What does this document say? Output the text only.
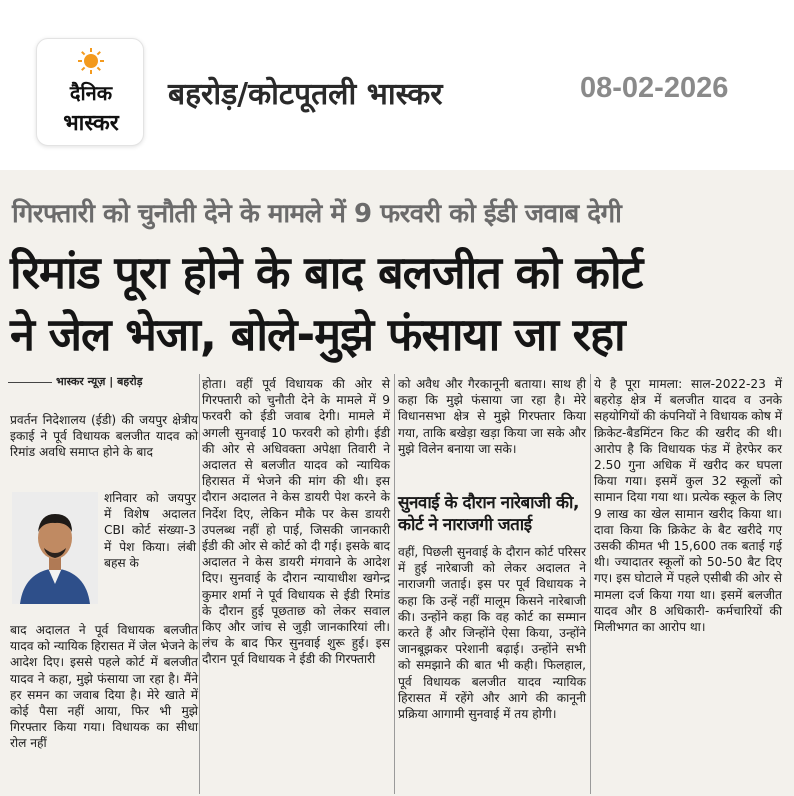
दैनिक
भास्कर
बहरोड़/कोटपूतली भास्कर	08-02-2026
गिरफ्तारी को चुनौती देने के मामले में 9 फरवरी को ईडी जवाब देगी
रिमांड पूरा होने के बाद बलजीत को कोर्ट
ने जेल भेजा, बोले-मुझे फंसाया जा रहा
भास्कर न्यूज़ | बहरोड़

प्रवर्तन निदेशालय (ईडी) की जयपुर क्षेत्रीय इकाई ने पूर्व विधायक बलजीत यादव को रिमांड अवधि समाप्त होने के बाद

शनिवार को जयपुर में विशेष अदालत CBI कोर्ट संख्या-3 में पेश किया। लंबी बहस के

बाद अदालत ने पूर्व विधायक बलजीत यादव को न्यायिक हिरासत में जेल भेजने के आदेश दिए। इससे पहले कोर्ट में बलजीत यादव ने कहा, मुझे फंसाया जा रहा है। मैंने हर समन का जवाब दिया है। मेरे खाते में कोई पैसा नहीं आया, फिर भी मुझे गिरफ्तार किया गया। विधायक का सीधा रोल नहीं

होता। वहीं पूर्व विधायक की ओर से गिरफ्तारी को चुनौती देने के मामले में 9 फरवरी को ईडी जवाब देगी। मामले में अगली सुनवाई 10 फरवरी को होगी। ईडी की ओर से अधिवक्ता अपेक्षा तिवारी ने अदालत से बलजीत यादव को न्यायिक हिरासत में भेजने की मांग की थी। इस दौरान अदालत ने केस डायरी पेश करने के निर्देश दिए, लेकिन मौके पर केस डायरी उपलब्ध नहीं हो पाई, जिसकी जानकारी ईडी की ओर से कोर्ट को दी गई। इसके बाद अदालत ने केस डायरी मंगवाने के आदेश दिए। सुनवाई के दौरान न्यायाधीश खगेन्द्र कुमार शर्मा ने पूर्व विधायक से ईडी रिमांड के दौरान हुई पूछताछ को लेकर सवाल किए और जांच से जुड़ी जानकारियां ली। लंच के बाद फिर सुनवाई शुरू हुई। इस दौरान पूर्व विधायक ने ईडी की गिरफ्तारी

को अवैध और गैरकानूनी बताया। साथ ही कहा कि मुझे फंसाया जा रहा है। मेरे विधानसभा क्षेत्र से मुझे गिरफ्तार किया गया, ताकि बखेड़ा खड़ा किया जा सके और मुझे विलेन बनाया जा सके।

सुनवाई के दौरान नारेबाजी की, कोर्ट ने नाराजगी जताई

वहीं, पिछली सुनवाई के दौरान कोर्ट परिसर में हुई नारेबाजी को लेकर अदालत ने नाराजगी जताई। इस पर पूर्व विधायक ने कहा कि उन्हें नहीं मालूम किसने नारेबाजी की। उन्होंने कहा कि वह कोर्ट का सम्मान करते हैं और जिन्होंने ऐसा किया, उन्होंने जानबूझकर परेशानी बढ़ाई। उन्होंने सभी को समझाने की बात भी कही। फिलहाल, पूर्व विधायक बलजीत यादव न्यायिक हिरासत में रहेंगे और आगे की कानूनी प्रक्रिया आगामी सुनवाई में तय होगी।

ये है पूरा मामला: साल-2022-23 में बहरोड़ क्षेत्र में बलजीत यादव व उनके सहयोगियों की कंपनियों ने विधायक कोष में क्रिकेट-बैडमिंटन किट की खरीद की थी। आरोप है कि विधायक फंड में हेरफेर कर 2.50 गुना अधिक में खरीद कर घपला किया गया। इसमें कुल 32 स्कूलों को सामान दिया गया था। प्रत्येक स्कूल के लिए 9 लाख का खेल सामान खरीद किया था। दावा किया कि क्रिकेट के बैट खरीदे गए उसकी कीमत भी 15,600 तक बताई गई थी। ज्यादातर स्कूलों को 50-50 बैट दिए गए। इस घोटाले में पहले एसीबी की ओर से मामला दर्ज किया गया था। इसमें बलजीत यादव और 8 अधिकारी- कर्मचारियों की मिलीभगत का आरोप था।
